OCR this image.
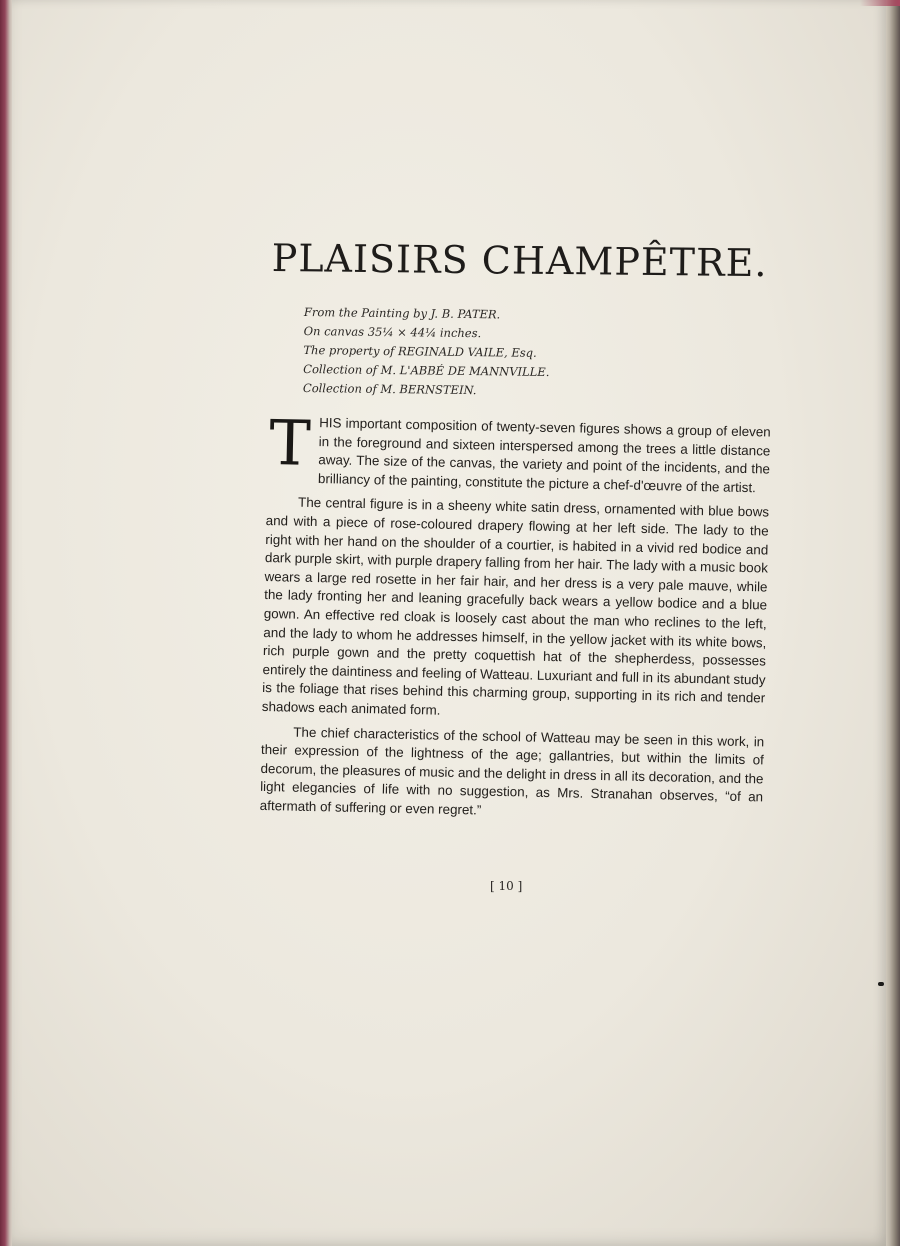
PLAISIRS CHAMPÊTRE.
From the Painting by J. B. PATER.
On canvas 35¼ × 44¼ inches.
The property of REGINALD VAILE, Esq.
Collection of M. L'ABBÉ DE MANNVILLE.
Collection of M. BERNSTEIN.

THIS important composition of twenty-seven figures shows a group of eleven in the foreground and sixteen interspersed among the trees a little distance away. The size of the canvas, the variety and point of the incidents, and the brilliancy of the painting, constitute the picture a chef-d'œuvre of the artist.

The central figure is in a sheeny white satin dress, ornamented with blue bows and with a piece of rose-coloured drapery flowing at her left side. The lady to the right with her hand on the shoulder of a courtier, is habited in a vivid red bodice and dark purple skirt, with purple drapery falling from her hair. The lady with a music book wears a large red rosette in her fair hair, and her dress is a very pale mauve, while the lady fronting her and leaning gracefully back wears a yellow bodice and a blue gown. An effective red cloak is loosely cast about the man who reclines to the left, and the lady to whom he addresses himself, in the yellow jacket with its white bows, rich purple gown and the pretty coquettish hat of the shepherdess, possesses entirely the daintiness and feeling of Watteau. Luxuriant and full in its abundant study is the foliage that rises behind this charming group, supporting in its rich and tender shadows each animated form.

The chief characteristics of the school of Watteau may be seen in this work, in their expression of the lightness of the age; gallantries, but within the limits of decorum, the pleasures of music and the delight in dress in all its decoration, and the light elegancies of life with no suggestion, as Mrs. Stranahan observes, “of an aftermath of suffering or even regret.”

[ 10 ]
